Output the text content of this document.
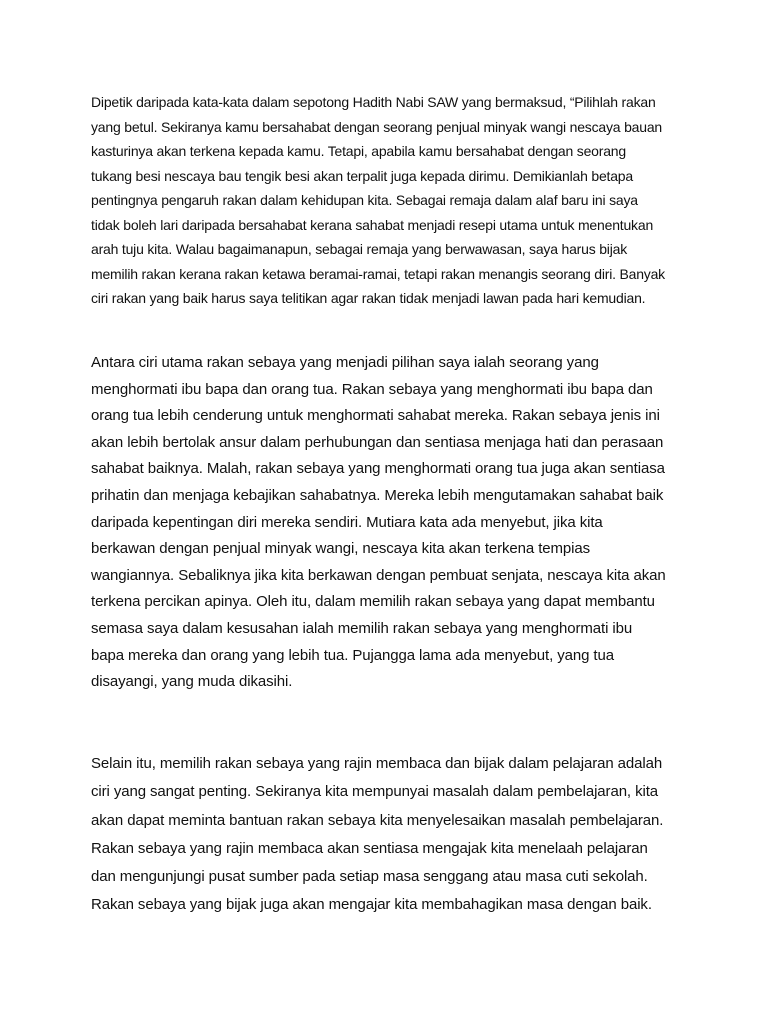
Dipetik daripada kata-kata dalam sepotong Hadith Nabi SAW yang bermaksud, “Pilihlah rakan
yang betul. Sekiranya kamu bersahabat dengan seorang penjual minyak wangi nescaya bauan
kasturinya akan terkena kepada kamu. Tetapi, apabila kamu bersahabat dengan seorang
tukang besi nescaya bau tengik besi akan terpalit juga kepada dirimu. Demikianlah betapa
pentingnya pengaruh rakan dalam kehidupan kita. Sebagai remaja dalam alaf baru ini saya
tidak boleh lari daripada bersahabat kerana sahabat menjadi resepi utama untuk menentukan
arah tuju kita. Walau bagaimanapun, sebagai remaja yang berwawasan, saya harus bijak
memilih rakan kerana rakan ketawa beramai-ramai, tetapi rakan menangis seorang diri. Banyak
ciri rakan yang baik harus saya telitikan agar rakan tidak menjadi lawan pada hari kemudian.

Antara ciri utama rakan sebaya yang menjadi pilihan saya ialah seorang yang
menghormati ibu bapa dan orang tua. Rakan sebaya yang menghormati ibu bapa dan
orang tua lebih cenderung untuk menghormati sahabat mereka. Rakan sebaya jenis ini
akan lebih bertolak ansur dalam perhubungan dan sentiasa menjaga hati dan perasaan
sahabat baiknya. Malah, rakan sebaya yang menghormati orang tua juga akan sentiasa
prihatin dan menjaga kebajikan sahabatnya. Mereka lebih mengutamakan sahabat baik
daripada kepentingan diri mereka sendiri. Mutiara kata ada menyebut, jika kita
berkawan dengan penjual minyak wangi, nescaya kita akan terkena tempias
wangiannya. Sebaliknya jika kita berkawan dengan pembuat senjata, nescaya kita akan
terkena percikan apinya. Oleh itu, dalam memilih rakan sebaya yang dapat membantu
semasa saya dalam kesusahan ialah memilih rakan sebaya yang menghormati ibu
bapa mereka dan orang yang lebih tua. Pujangga lama ada menyebut, yang tua
disayangi, yang muda dikasihi.

Selain itu, memilih rakan sebaya yang rajin membaca dan bijak dalam pelajaran adalah
ciri yang sangat penting. Sekiranya kita mempunyai masalah dalam pembelajaran, kita
akan dapat meminta bantuan rakan sebaya kita menyelesaikan masalah pembelajaran.
Rakan sebaya yang rajin membaca akan sentiasa mengajak kita menelaah pelajaran
dan mengunjungi pusat sumber pada setiap masa senggang atau masa cuti sekolah.
Rakan sebaya yang bijak juga akan mengajar kita membahagikan masa dengan baik.
